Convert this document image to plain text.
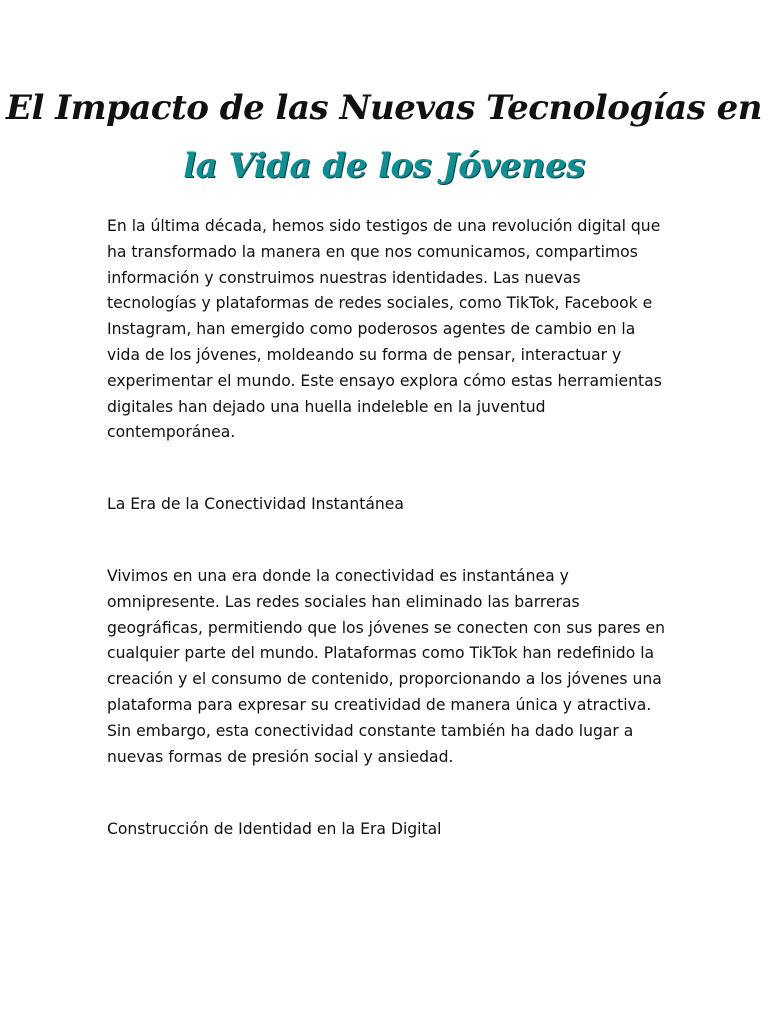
El Impacto de las Nuevas Tecnologías en
la Vida de los Jóvenes

En la última década, hemos sido testigos de una revolución digital que ha transformado la manera en que nos comunicamos, compartimos información y construimos nuestras identidades. Las nuevas tecnologías y plataformas de redes sociales, como TikTok, Facebook e Instagram, han emergido como poderosos agentes de cambio en la vida de los jóvenes, moldeando su forma de pensar, interactuar y experimentar el mundo. Este ensayo explora cómo estas herramientas digitales han dejado una huella indeleble en la juventud contemporánea.

La Era de la Conectividad Instantánea

Vivimos en una era donde la conectividad es instantánea y omnipresente. Las redes sociales han eliminado las barreras geográficas, permitiendo que los jóvenes se conecten con sus pares en cualquier parte del mundo. Plataformas como TikTok han redefinido la creación y el consumo de contenido, proporcionando a los jóvenes una plataforma para expresar su creatividad de manera única y atractiva. Sin embargo, esta conectividad constante también ha dado lugar a nuevas formas de presión social y ansiedad.

Construcción de Identidad en la Era Digital
